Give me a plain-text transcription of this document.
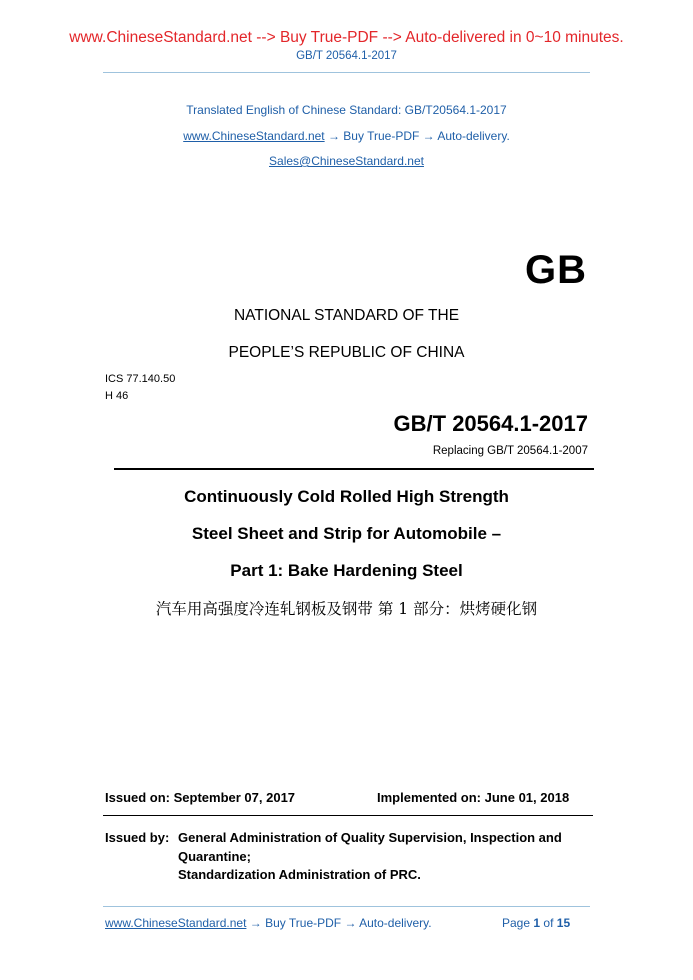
www.ChineseStandard.net --> Buy True-PDF --> Auto-delivered in 0~10 minutes.
GB/T 20564.1-2017
Translated English of Chinese Standard: GB/T20564.1-2017
www.ChineseStandard.net → Buy True-PDF → Auto-delivery.
Sales@ChineseStandard.net
GB
NATIONAL STANDARD OF THE
PEOPLE’S REPUBLIC OF CHINA
ICS 77.140.50
H 46
GB/T 20564.1-2017
Replacing GB/T 20564.1-2007
Continuously Cold Rolled High Strength
Steel Sheet and Strip for Automobile –
Part 1: Bake Hardening Steel
汽车用高强度冷连轧钢板及钢带 第 1 部分：烘烤硬化钢
Issued on: September 07, 2017	Implemented on: June 01, 2018
Issued by: General Administration of Quality Supervision, Inspection and
Quarantine;
Standardization Administration of PRC.
www.ChineseStandard.net → Buy True-PDF → Auto-delivery.	Page 1 of 15
